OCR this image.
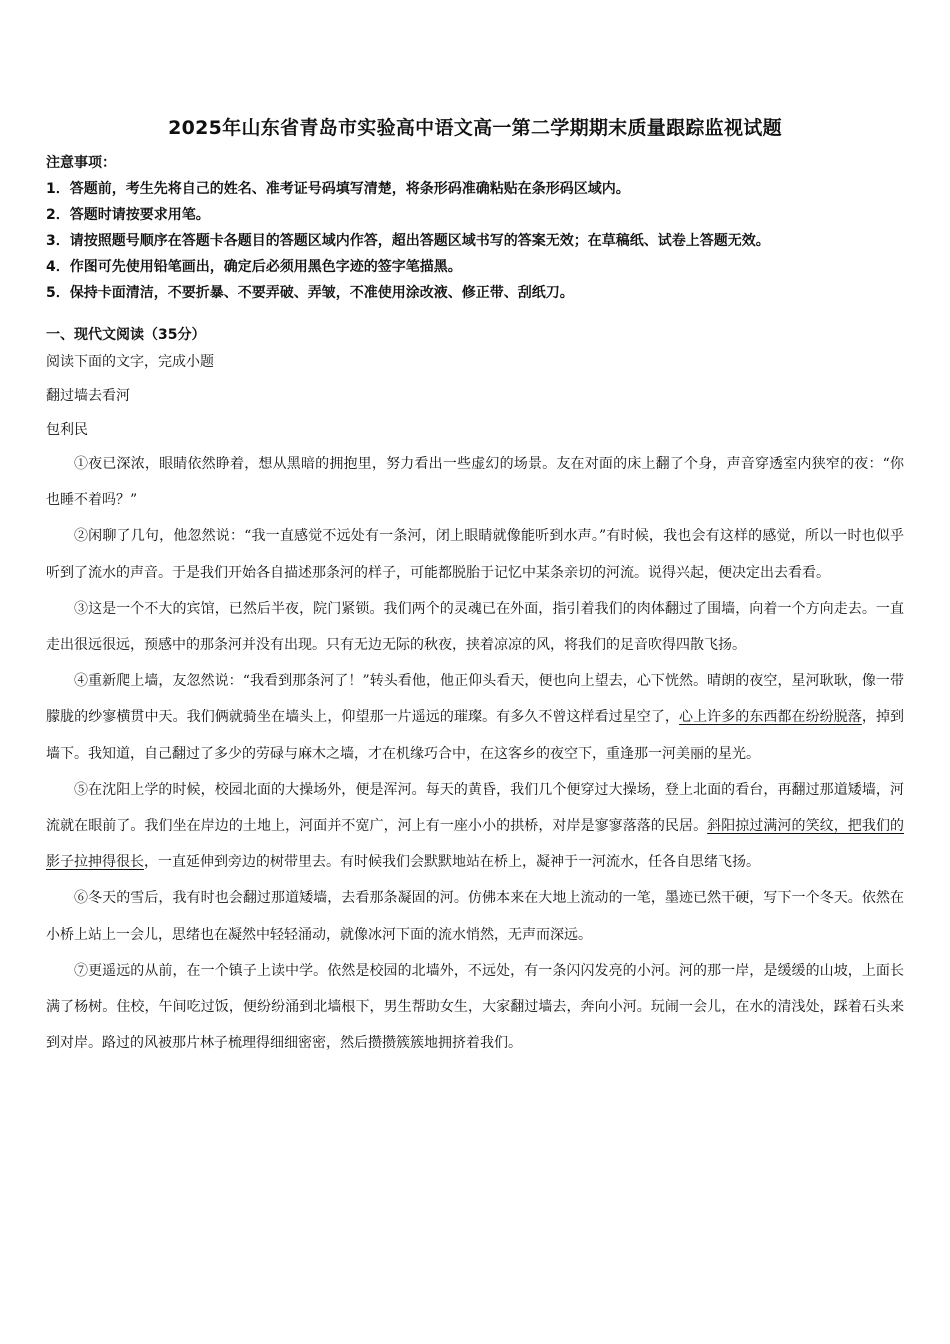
2025年山东省青岛市实验高中语文高一第二学期期末质量跟踪监视试题
注意事项：
1．答题前，考生先将自己的姓名、准考证号码填写清楚，将条形码准确粘贴在条形码区域内。
2．答题时请按要求用笔。
3．请按照题号顺序在答题卡各题目的答题区域内作答，超出答题区域书写的答案无效；在草稿纸、试卷上答题无效。
4．作图可先使用铅笔画出，确定后必须用黑色字迹的签字笔描黑。
5．保持卡面清洁，不要折暴、不要弄破、弄皱，不准使用涂改液、修正带、刮纸刀。
一、现代文阅读（35分）
阅读下面的文字，完成小题
翻过墙去看河
包利民

①夜已深浓，眼睛依然睁着，想从黑暗的拥抱里，努力看出一些虚幻的场景。友在对面的床上翻了个身，声音穿透室内狭窄的夜：“你也睡不着吗？”

②闲聊了几句，他忽然说：“我一直感觉不远处有一条河，闭上眼睛就像能听到水声。”有时候，我也会有这样的感觉，所以一时也似乎听到了流水的声音。于是我们开始各自描述那条河的样子，可能都脱胎于记忆中某条亲切的河流。说得兴起，便决定出去看看。

③这是一个不大的宾馆，已然后半夜，院门紧锁。我们两个的灵魂已在外面，指引着我们的肉体翻过了围墙，向着一个方向走去。一直走出很远很远，预感中的那条河并没有出现。只有无边无际的秋夜，挟着凉凉的风，将我们的足音吹得四散飞扬。

④重新爬上墙，友忽然说：“我看到那条河了！”转头看他，他正仰头看天，便也向上望去，心下恍然。晴朗的夜空，星河耿耿，像一带朦胧的纱寥横贯中天。我们俩就骑坐在墙头上，仰望那一片遥远的璀璨。有多久不曾这样看过星空了，心上许多的东西都在纷纷脱落，掉到墙下。我知道，自己翻过了多少的劳碌与麻木之墙，才在机缘巧合中，在这客乡的夜空下，重逢那一河美丽的星光。

⑤在沈阳上学的时候，校园北面的大操场外，便是浑河。每天的黄昏，我们几个便穿过大操场，登上北面的看台，再翻过那道矮墙，河流就在眼前了。我们坐在岸边的土地上，河面并不宽广，河上有一座小小的拱桥，对岸是寥寥落落的民居。斜阳掠过满河的笑纹，把我们的影子拉抻得很长，一直延伸到旁边的树带里去。有时候我们会默默地站在桥上，凝神于一河流水，任各自思绪飞扬。

⑥冬天的雪后，我有时也会翻过那道矮墙，去看那条凝固的河。仿佛本来在大地上流动的一笔，墨迹已然干硬，写下一个冬天。依然在小桥上站上一会儿，思绪也在凝然中轻轻涌动，就像冰河下面的流水悄然，无声而深远。

⑦更遥远的从前，在一个镇子上读中学。依然是校园的北墙外，不远处，有一条闪闪发亮的小河。河的那一岸，是缓缓的山坡，上面长满了杨树。住校，午间吃过饭，便纷纷涌到北墙根下，男生帮助女生，大家翻过墙去，奔向小河。玩闹一会儿，在水的清浅处，踩着石头来到对岸。路过的风被那片林子梳理得细细密密，然后攒攒簇簇地拥挤着我们。
